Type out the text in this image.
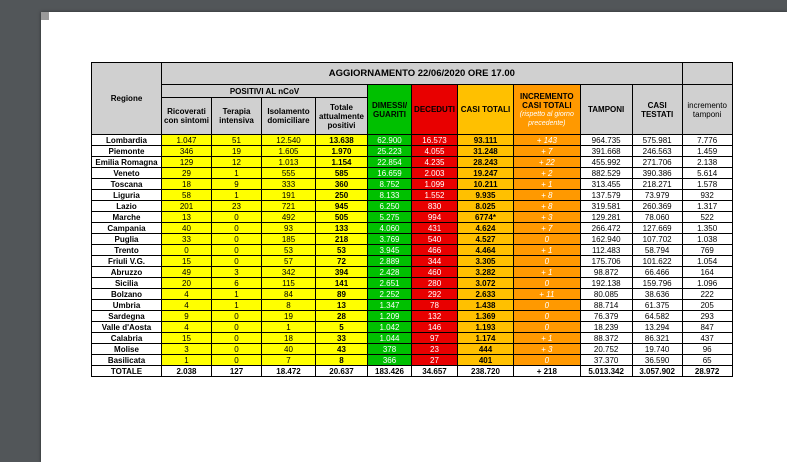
Regione	AGGIORNAMENTO 22/06/2020 ORE 17.00										
	POSITIVI AL nCoV				DIMESSI/ GUARITI	DECEDUTI	CASI TOTALI	INCREMENTO CASI TOTALI
(rispetto al giorno precedente)	TAMPONI	CASI TESTATI	incremento tamponi
	Ricoverati con sintomi	Terapia intensiva	Isolamento domiciliare	Totale attualmente positivi							
Lombardia	1.047	51	12.540	13.638	62.900	16.573	93.111	+ 143	964.735	575.981	7.776
Piemonte	346	19	1.605	1.970	25.223	4.055	31.248	+ 7	391.668	246.563	1.459
Emilia Romagna	129	12	1.013	1.154	22.854	4.235	28.243	+ 22	455.992	271.706	2.138
Veneto	29	1	555	585	16.659	2.003	19.247	+ 2	882.529	390.386	5.614
Toscana	18	9	333	360	8.752	1.099	10.211	+ 1	313.455	218.271	1.578
Liguria	58	1	191	250	8.133	1.552	9.935	+ 8	137.579	73.979	932
Lazio	201	23	721	945	6.250	830	8.025	+ 8	319.581	260.369	1.317
Marche	13	0	492	505	5.275	994	6774*	+ 3	129.281	78.060	522
Campania	40	0	93	133	4.060	431	4.624	+ 7	266.472	127.669	1.350
Puglia	33	0	185	218	3.769	540	4.527	0	162.940	107.702	1.038
Trento	0	0	53	53	3.945	466	4.464	+ 1	112.483	58.794	769
Friuli V.G.	15	0	57	72	2.889	344	3.305	0	175.706	101.622	1.054
Abruzzo	49	3	342	394	2.428	460	3.282	+ 1	98.872	66.466	164
Sicilia	20	6	115	141	2.651	280	3.072	0	192.138	159.796	1.096
Bolzano	4	1	84	89	2.252	292	2.633	+ 11	80.085	38.636	222
Umbria	4	1	8	13	1.347	78	1.438	0	88.714	61.375	205
Sardegna	9	0	19	28	1.209	132	1.369	0	76.379	64.582	293
Valle d'Aosta	4	0	1	5	1.042	146	1.193	0	18.239	13.294	847
Calabria	15	0	18	33	1.044	97	1.174	+ 1	88.372	86.321	437
Molise	3	0	40	43	378	23	444	+ 3	20.752	19.740	96
Basilicata	1	0	7	8	366	27	401	0	37.370	36.590	65
TOTALE	2.038	127	18.472	20.637	183.426	34.657	238.720	+ 218	5.013.342	3.057.902	28.972
